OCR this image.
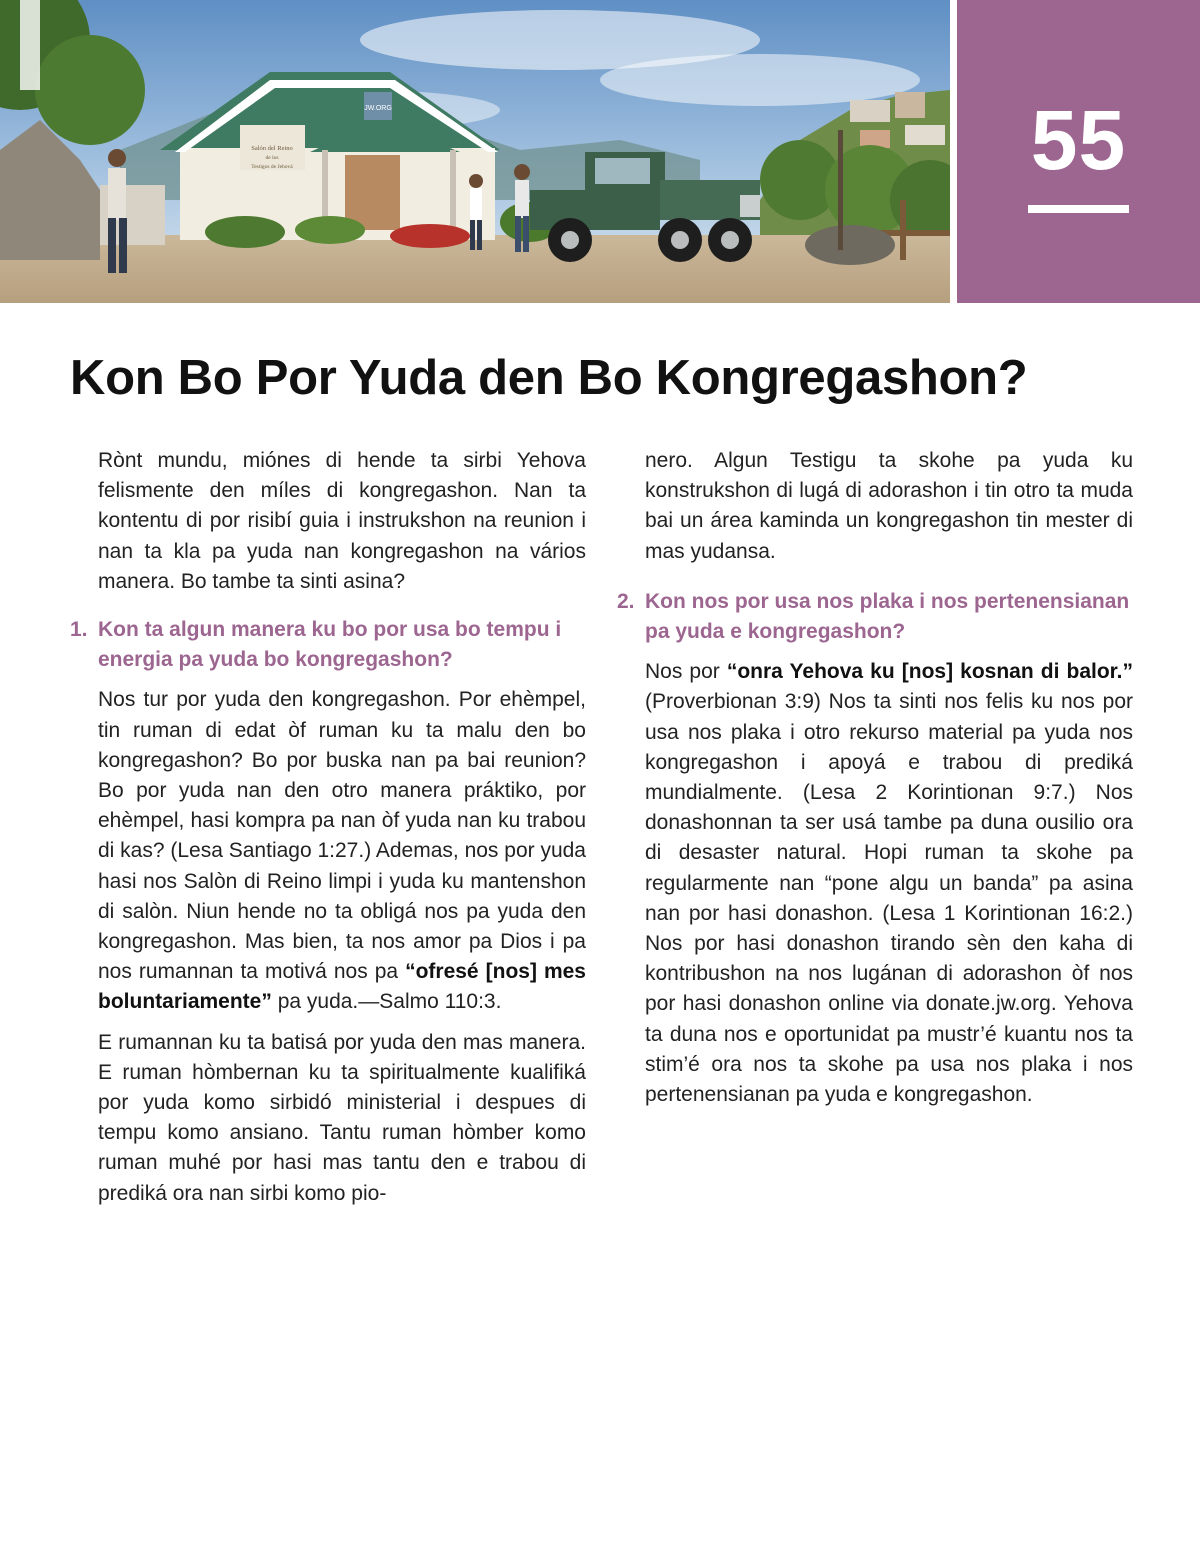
Salón del Reino
de los
Testigos de Jehová
JW.ORG	55
Kon Bo Por Yuda den Bo Kongregashon?

Rònt mundu, miónes di hende ta sirbi Yehova felismente den míles di kongregashon. Nan ta kontentu di por risibí guia i instrukshon na reunion i nan ta kla pa yuda nan kongregashon na vários manera. Bo tambe ta sinti asina?

1. Kon ta algun manera ku bo por usa bo tempu i energia pa yuda bo kongregashon?

Nos tur por yuda den kongregashon. Por ehèmpel, tin ruman di edat òf ruman ku ta malu den bo kongregashon? Bo por buska nan pa bai reunion? Bo por yuda nan den otro manera práktiko, por ehèmpel, hasi kompra pa nan òf yuda nan ku trabou di kas? (Lesa Santiago 1:27.) Ademas, nos por yuda hasi nos Salòn di Reino limpi i yuda ku mantenshon di salòn. Niun hende no ta obligá nos pa yuda den kongregashon. Mas bien, ta nos amor pa Dios i pa nos rumannan ta motivá nos pa “ofresé [nos] mes boluntariamente” pa yuda.—Salmo 110:3.

E rumannan ku ta batisá por yuda den mas manera. E ruman hòmbernan ku ta spiritualmente kualifiká por yuda komo sirbidó ministerial i despues di tempu komo ansiano. Tantu ruman hòmber komo ruman muhé por hasi mas tantu den e trabou di prediká ora nan sirbi komo pio-

nero. Algun Testigu ta skohe pa yuda ku konstrukshon di lugá di adorashon i tin otro ta muda bai un área kaminda un kongregashon tin mester di mas yudansa.

2. Kon nos por usa nos plaka i nos pertenensianan pa yuda e kongregashon?

Nos por “onra Yehova ku [nos] kosnan di balor.” (Proverbionan 3:9) Nos ta sinti nos felis ku nos por usa nos plaka i otro rekurso material pa yuda nos kongregashon i apoyá e trabou di prediká mundialmente. (Lesa 2 Korintionan 9:7.) Nos donashonnan ta ser usá tambe pa duna ousilio ora di desaster natural. Hopi ruman ta skohe pa regularmente nan “pone algu un banda” pa asina nan por hasi donashon. (Lesa 1 Korintionan 16:2.) Nos por hasi donashon tirando sèn den kaha di kontribushon na nos lugánan di adorashon òf nos por hasi donashon online via donate.jw.org. Yehova ta duna nos e oportunidat pa mustr’é kuantu nos ta stim’é ora nos ta skohe pa usa nos plaka i nos pertenensianan pa yuda e kongregashon.
